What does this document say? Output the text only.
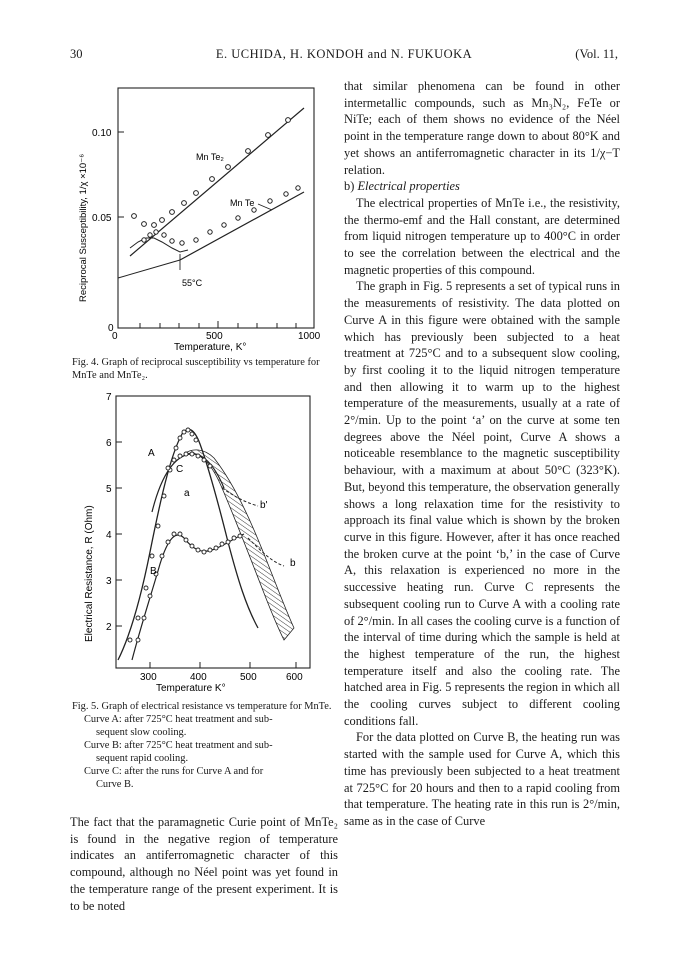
30	E. UCHIDA, H. KONDOH and N. FUKUOKA	(Vol. 11,
0	500	1000
0
0.05
0.10
Temperature, K°
Reciprocal Susceptibility, 1/χ ×10⁻⁶	Mn Te₂
Mn Te
55°C
Fig. 4. Graph of reciprocal susceptibility vs temperature for MnTe and MnTe₂.
7
6
5
4
3
2
300	400	500	600
Temperature K°
Electrical Resistance, R (Ohm)
A
C
B
a
b'
b

Fig. 5. Graph of electrical resistance vs temperature for MnTe.

Curve A: after 725°C heat treatment and sub-

sequent slow cooling.

Curve B: after 725°C heat treatment and sub-

sequent rapid cooling.

Curve C: after the runs for Curve A and for

Curve B.

The fact that the paramagnetic Curie point of MnTe₂ is found in the negative region of temperature indicates an antiferromagnetic character of this compound, although no Néel point was yet found in the temperature range of the present experiment. It is to be noted

that similar phenomena can be found in other intermetallic compounds, such as Mn₃N₂, FeTe or NiTe; each of them shows no evidence of the Néel point in the temperature range down to about 80°K and yet shows an antiferromagnetic character in its 1/χ−T relation.

b) Electrical properties

The electrical properties of MnTe i.e., the resistivity, the thermo-emf and the Hall constant, are determined from liquid nitrogen temperature up to 400°C in order to see the correlation between the electrical and the magnetic properties of this compound.

The graph in Fig. 5 represents a set of typical runs in the measurements of resistivity. The data plotted on Curve A in this figure were obtained with the sample which has previously been subjected to a heat treatment at 725°C and to a subsequent slow cooling, by first cooling it to the liquid nitrogen temperature and then allowing it to warm up to the highest temperature of the measurements, usually at a rate of 2°/min. Up to the point ‘a’ on the curve at some ten degrees above the Néel point, Curve A shows a noticeable resemblance to the magnetic susceptibility behaviour, with a maximum at about 50°C (323°K). But, beyond this temperature, the observation generally shows a long relaxation time for the resistivity to approach its final value which is shown by the broken curve in this figure. However, after it has once reached the broken curve at the point ‘b,’ in the case of Curve A, this relaxation is experienced no more in the successive heating run. Curve C represents the subsequent cooling run to Curve A with a cooling rate of 2°/min. In all cases the cooling curve is a function of the interval of time during which the sample is held at the highest temperature of the run, the highest temperature itself and also the cooling rate. The hatched area in Fig. 5 represents the region in which all the cooling curves subject to different cooling conditions fall.

For the data plotted on Curve B, the heating run was started with the sample used for Curve A, which this time has previously been subjected to a heat treatment at 725°C for 20 hours and then to a rapid cooling from that temperature. The heating rate in this run is 2°/min, same as in the case of Curve
